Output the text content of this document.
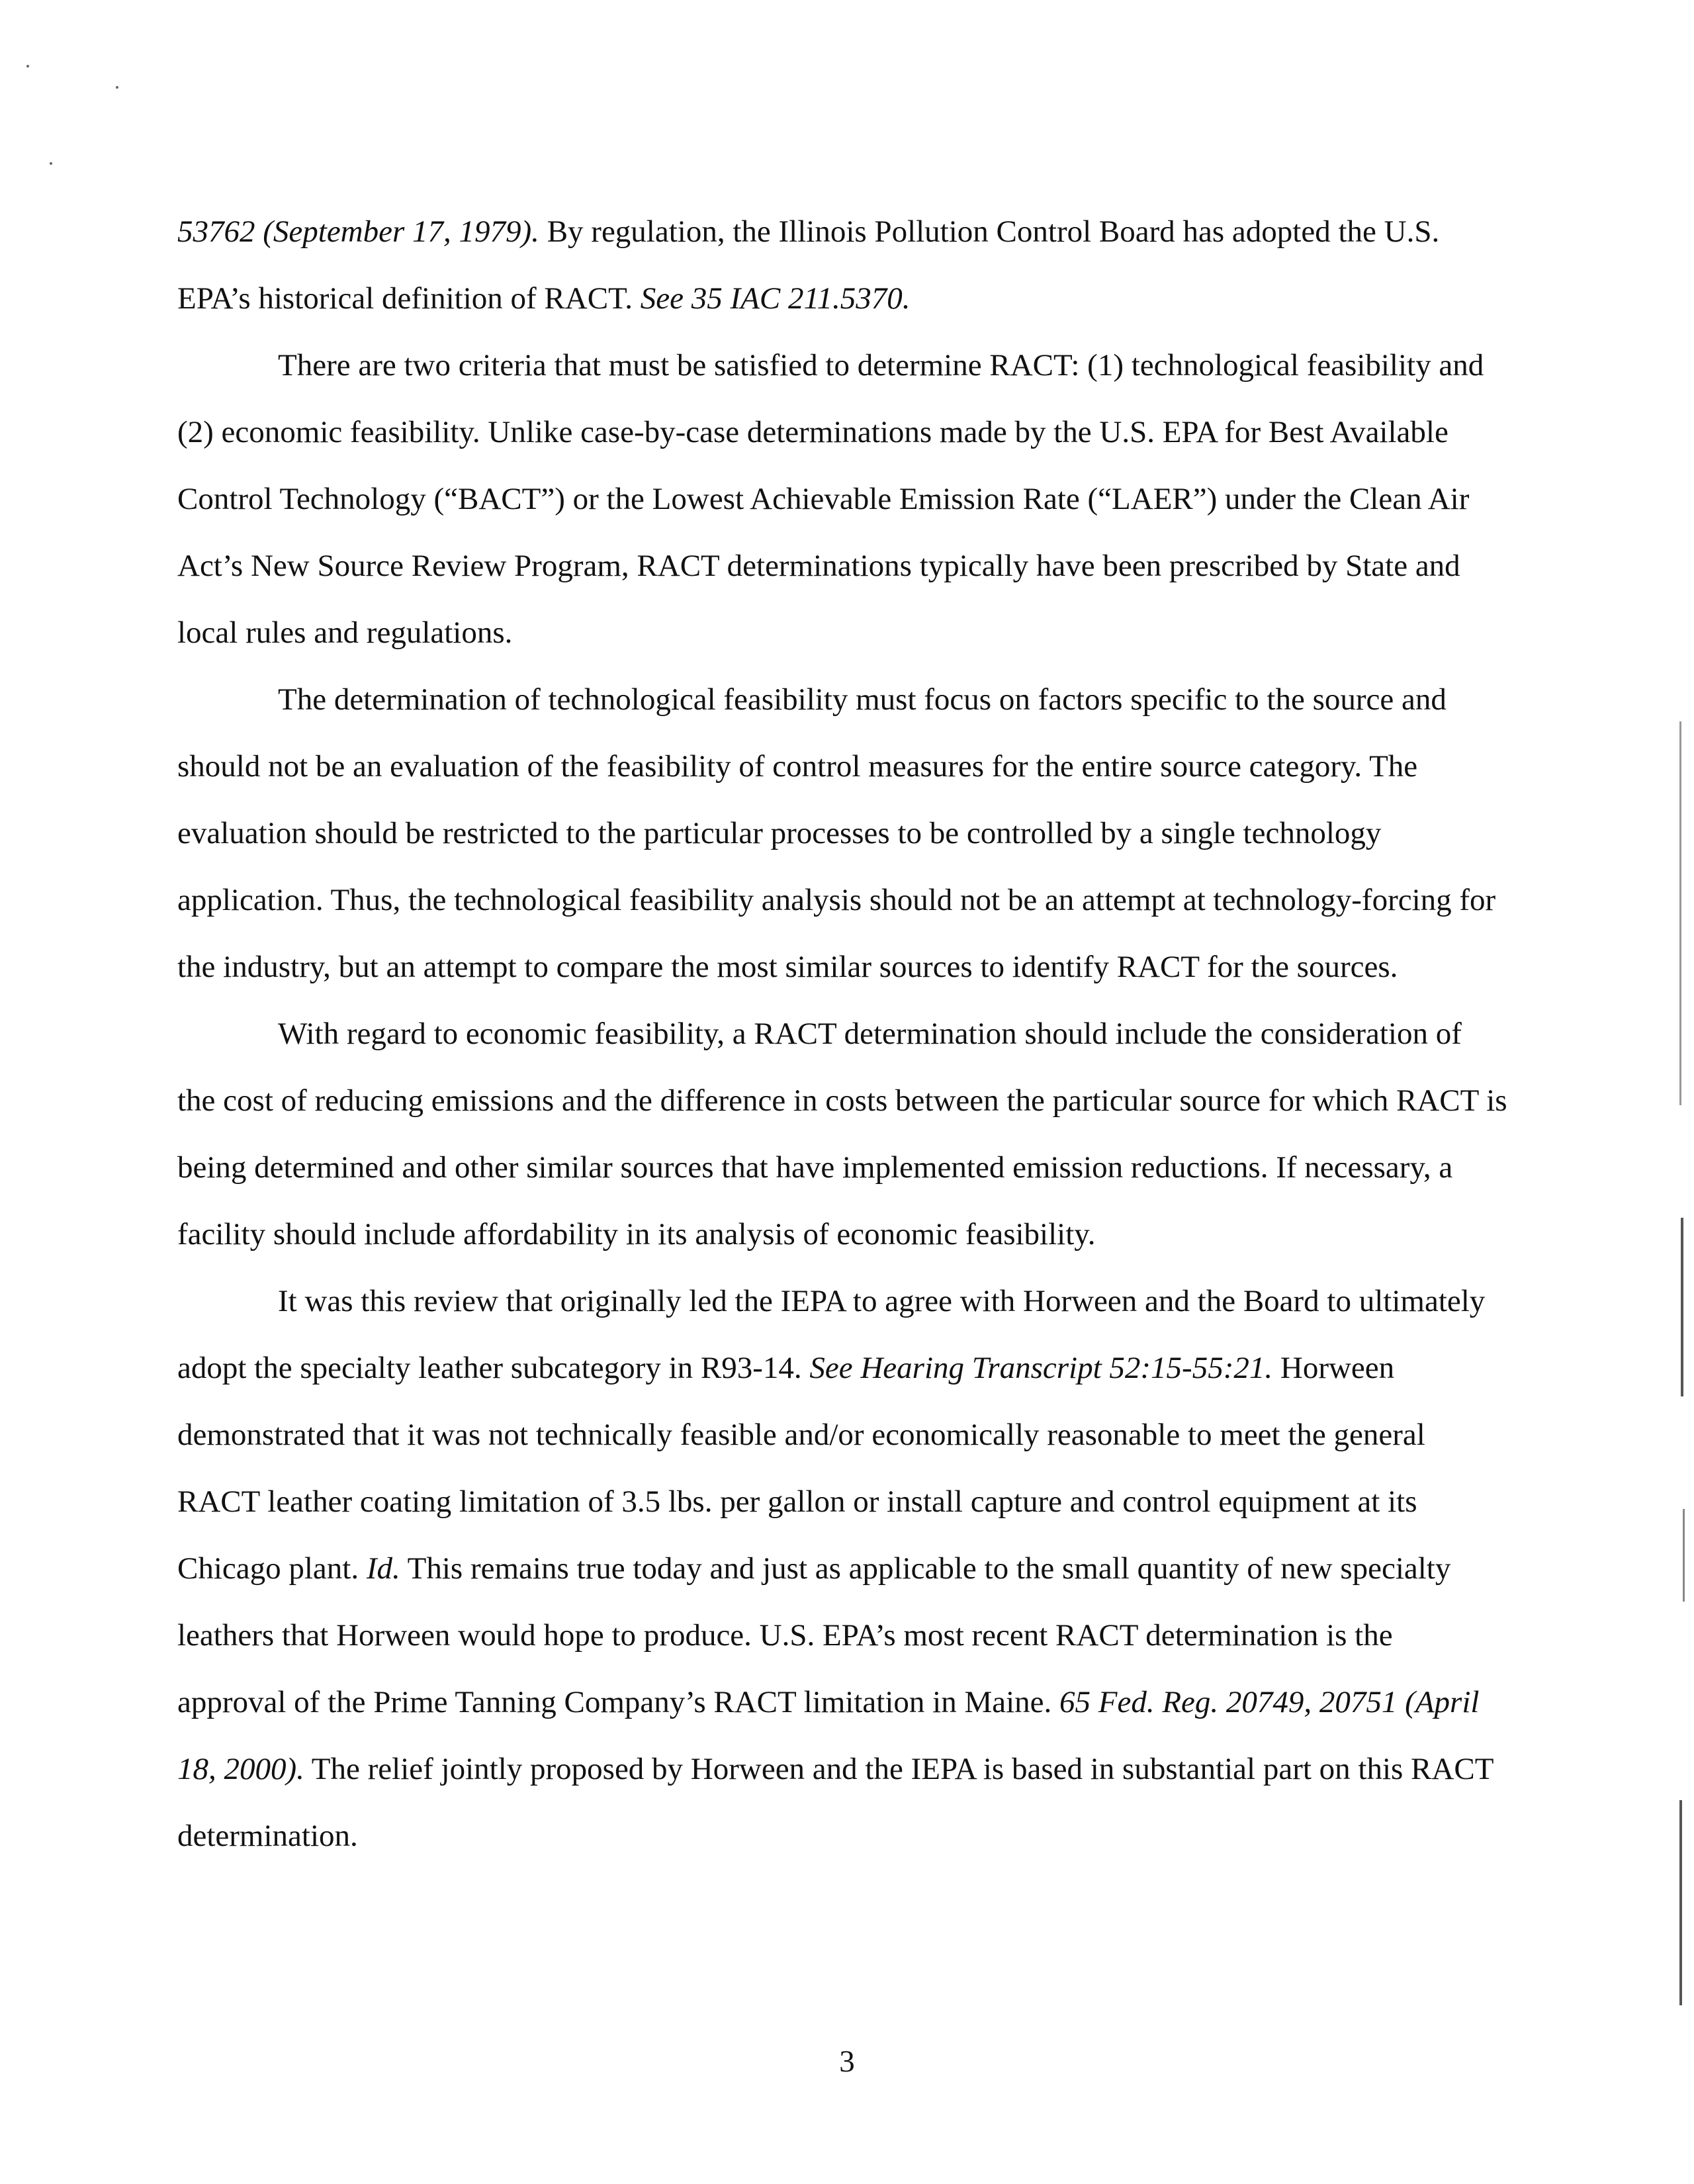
53762 (September 17, 1979). By regulation, the Illinois Pollution Control Board has adopted the U.S. EPA’s historical definition of RACT. See 35 IAC 211.5370.

There are two criteria that must be satisfied to determine RACT: (1) technological feasibility and (2) economic feasibility. Unlike case-by-case determinations made by the U.S. EPA for Best Available Control Technology (“BACT”) or the Lowest Achievable Emission Rate (“LAER”) under the Clean Air Act’s New Source Review Program, RACT determinations typically have been prescribed by State and local rules and regulations.

The determination of technological feasibility must focus on factors specific to the source and should not be an evaluation of the feasibility of control measures for the entire source category. The evaluation should be restricted to the particular processes to be controlled by a single technology application. Thus, the technological feasibility analysis should not be an attempt at technology-forcing for the industry, but an attempt to compare the most similar sources to identify RACT for the sources.

With regard to economic feasibility, a RACT determination should include the consideration of the cost of reducing emissions and the difference in costs between the particular source for which RACT is being determined and other similar sources that have implemented emission reductions. If necessary, a facility should include affordability in its analysis of economic feasibility.

It was this review that originally led the IEPA to agree with Horween and the Board to ultimately adopt the specialty leather subcategory in R93-14. See Hearing Transcript 52:15-55:21. Horween demonstrated that it was not technically feasible and/or economically reasonable to meet the general RACT leather coating limitation of 3.5 lbs. per gallon or install capture and control equipment at its Chicago plant. Id. This remains true today and just as applicable to the small quantity of new specialty leathers that Horween would hope to produce. U.S. EPA’s most recent RACT determination is the approval of the Prime Tanning Company’s RACT limitation in Maine. 65 Fed. Reg. 20749, 20751 (April 18, 2000). The relief jointly proposed by Horween and the IEPA is based in substantial part on this RACT determination.

3
